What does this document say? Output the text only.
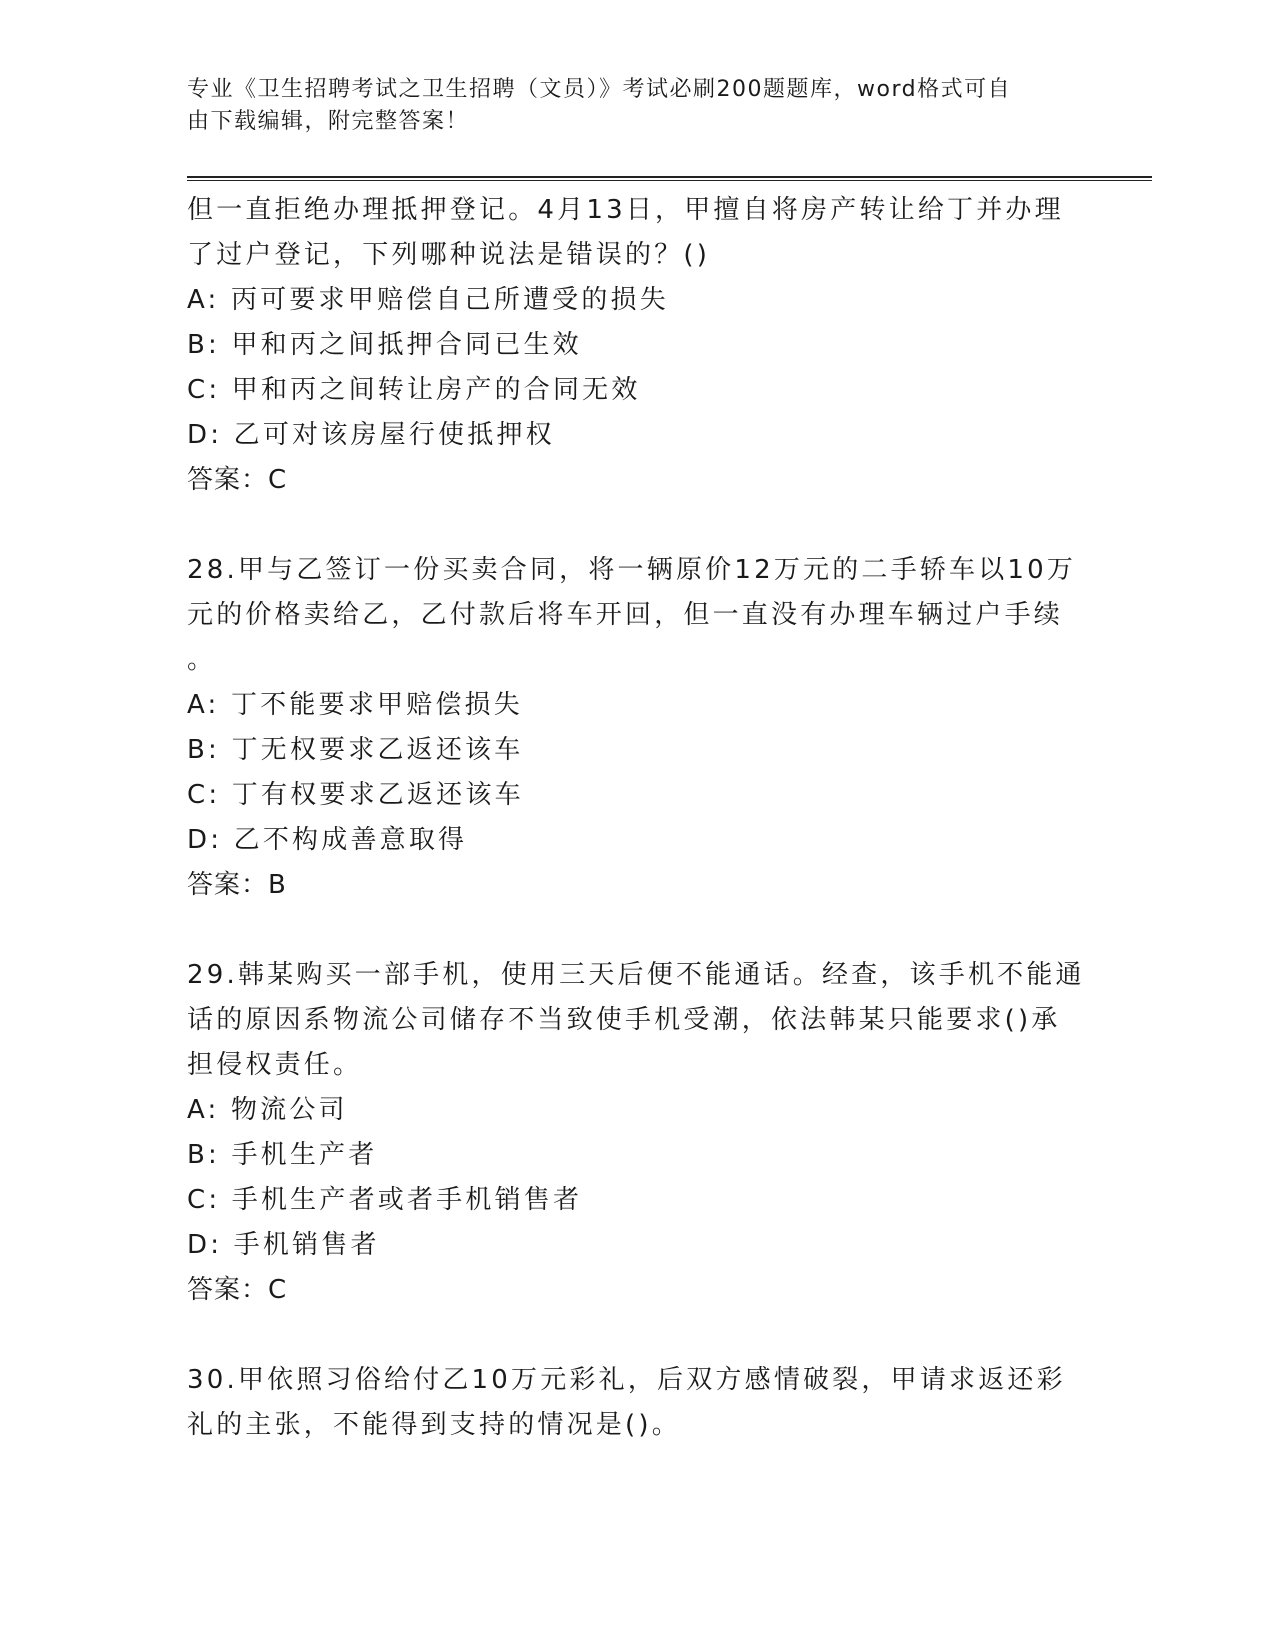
专业《卫生招聘考试之卫生招聘（文员）》考试必刷200题题库，word格式可自
由下载编辑，附完整答案！
但一直拒绝办理抵押登记。4月13日，甲擅自将房产转让给丁并办理
了过户登记，下列哪种说法是错误的？()
A: 丙可要求甲赔偿自己所遭受的损失
B: 甲和丙之间抵押合同已生效
C: 甲和丙之间转让房产的合同无效
D: 乙可对该房屋行使抵押权
答案：C
28.甲与乙签订一份买卖合同，将一辆原价12万元的二手轿车以10万
元的价格卖给乙，乙付款后将车开回，但一直没有办理车辆过户手续
。
A: 丁不能要求甲赔偿损失
B: 丁无权要求乙返还该车
C: 丁有权要求乙返还该车
D: 乙不构成善意取得
答案：B
29.韩某购买一部手机，使用三天后便不能通话。经查，该手机不能通
话的原因系物流公司储存不当致使手机受潮，依法韩某只能要求()承
担侵权责任。
A: 物流公司
B: 手机生产者
C: 手机生产者或者手机销售者
D: 手机销售者
答案：C
30.甲依照习俗给付乙10万元彩礼，后双方感情破裂，甲请求返还彩
礼的主张，不能得到支持的情况是()。
